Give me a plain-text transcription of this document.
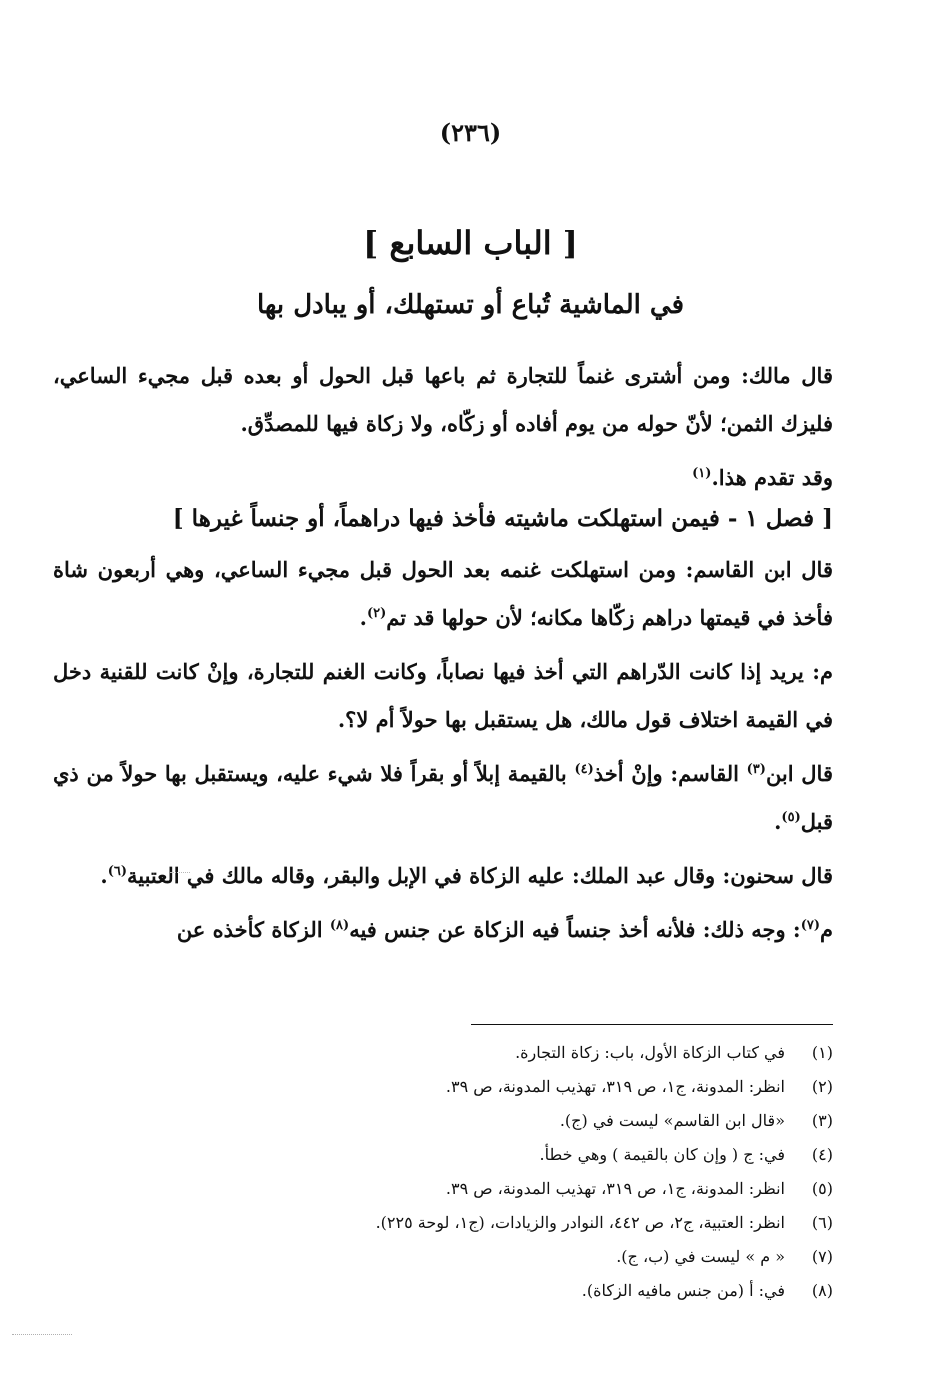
(٢٣٦)
[ الباب السابع ]
في الماشية تُباع أو تستهلك، أو يبادل بها

قال مالك: ومن أشترى غنماً للتجارة ثم باعها قبل الحول أو بعده قبل مجيء الساعي، فليزك الثمن؛ لأنّ حوله من يوم أفاده أو زكّاه، ولا زكاة فيها للمصدِّق.

وقد تقدم هذا.$^{(١)}$

[ فصل ١ - فيمن استهلكت ماشيته فأخذ فيها دراهماً، أو جنساً غيرها ]

قال ابن القاسم: ومن استهلكت غنمه بعد الحول قبل مجيء الساعي، وهي أربعون شاة فأخذ في قيمتها دراهم زكّاها مكانه؛ لأن حولها قد تم$^{(٢)}$.

م: يريد إذا كانت الدّراهم التي أخذ فيها نصاباً، وكانت الغنم للتجارة، وإنْ كانت للقنية دخل في القيمة اختلاف قول مالك، هل يستقبل بها حولاً أم لا؟.

قال ابن$^{(٣)}$ القاسم: وإنْ أخذ$^{(٤)}$ بالقيمة إبلاً أو بقراً فلا شيء عليه، ويستقبل بها حولاً من ذي قبل$^{(٥)}$.

قال سحنون: وقال عبد الملك: عليه الزكاة في الإبل والبقر، وقاله مالك في العتبية$^{(٦)}$.

م$^{(٧)}$: وجه ذلك: فلأنه أخذ جنساً فيه الزكاة عن جنس فيه$^{(٨)}$ الزكاة كأخذه عن

(١)
في كتاب الزكاة الأول، باب: زكاة التجارة.
(٢)
انظر: المدونة، ج١، ص ٣١٩، تهذيب المدونة، ص ٣٩.
(٣)
«قال ابن القاسم» ليست في (ج).
(٤)
في: ج ( وإن كان بالقيمة ) وهي خطأ.
(٥)
انظر: المدونة، ج١، ص ٣١٩، تهذيب المدونة، ص ٣٩.
(٦)
انظر: العتبية، ج٢، ص ٤٤٢، النوادر والزيادات، (ج١، لوحة ٢٢٥).
(٧)
« م » ليست في (ب، ج).
(٨)
في: أ (من جنس مافيه الزكاة).
